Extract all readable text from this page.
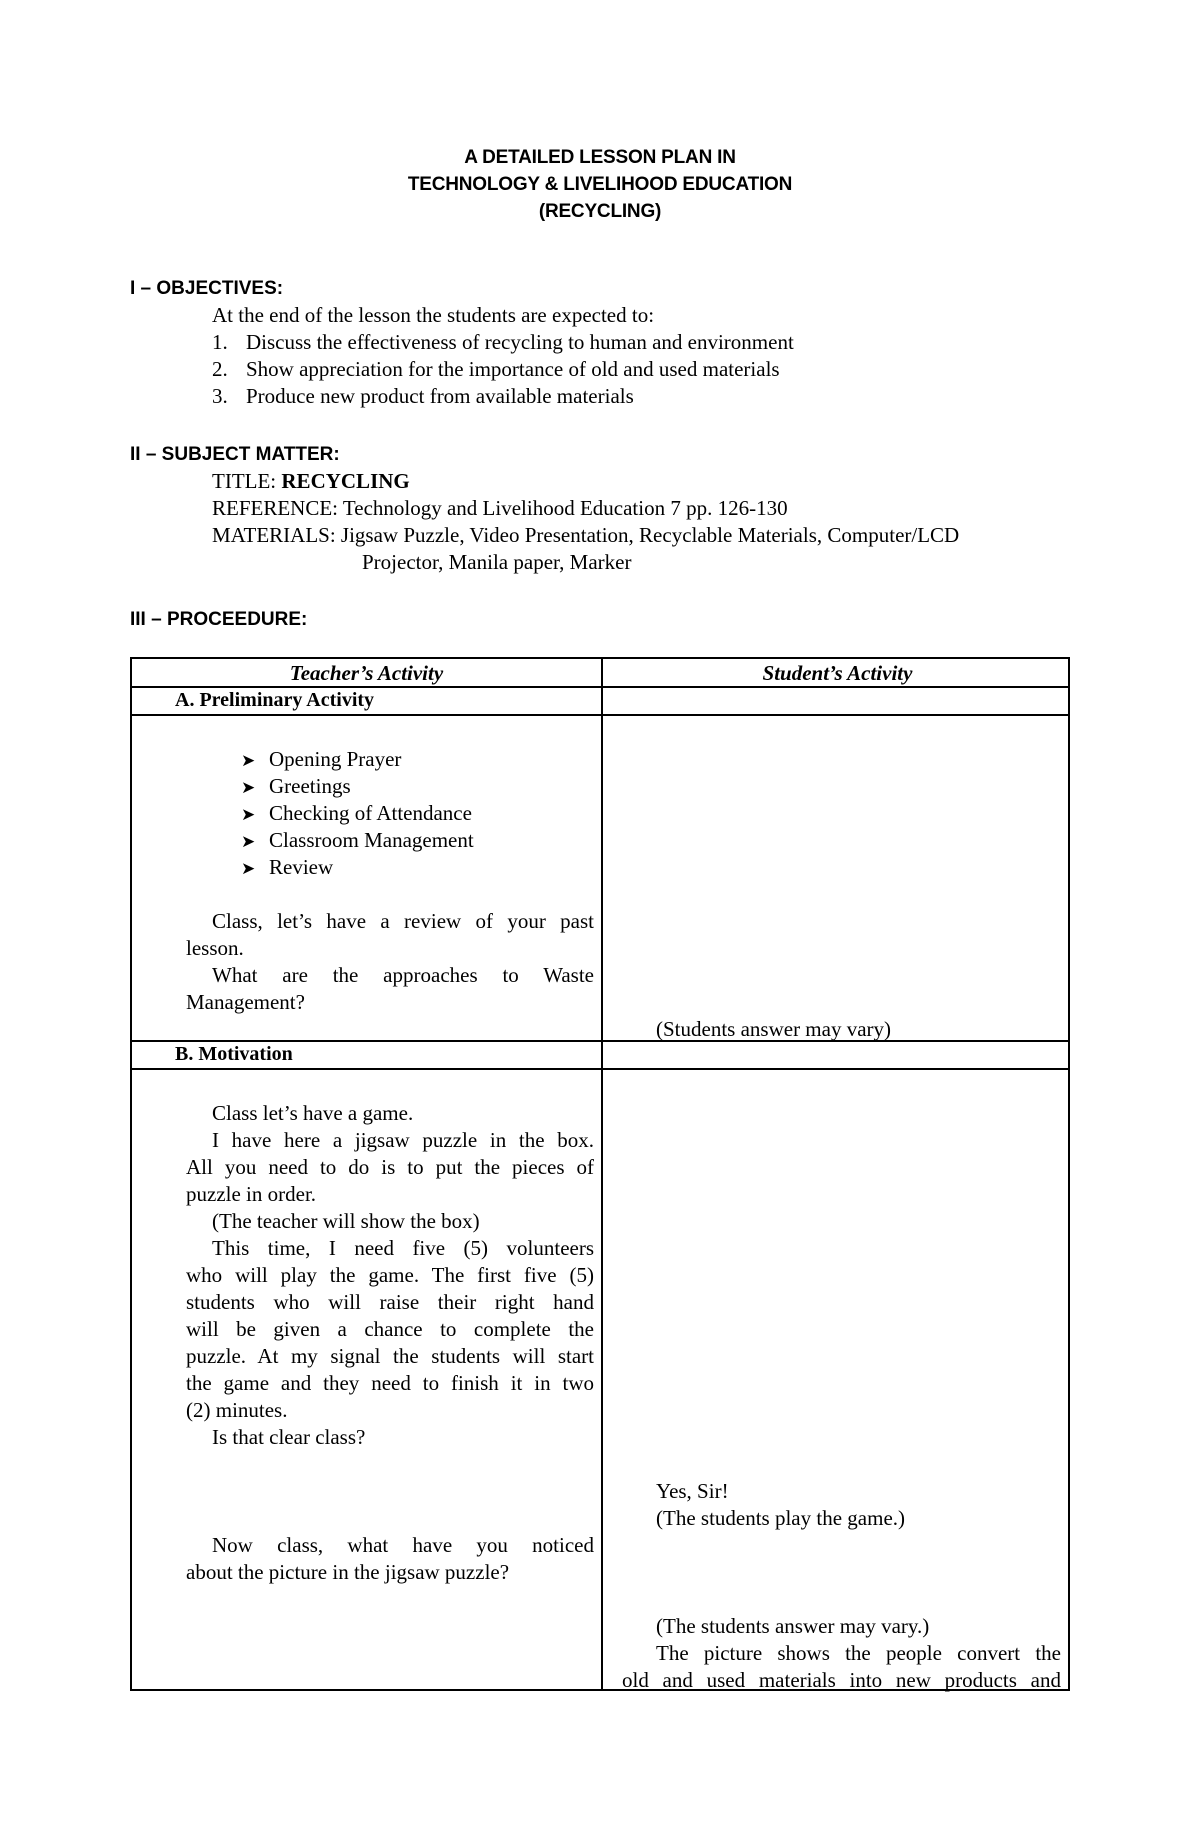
A DETAILED LESSON PLAN IN
TECHNOLOGY & LIVELIHOOD EDUCATION
(RECYCLING)
I – OBJECTIVES:
At the end of the lesson the students are expected to:
1. Discuss the effectiveness of recycling to human and environment
2. Show appreciation for the importance of old and used materials
3. Produce new product from available materials
II – SUBJECT MATTER:
TITLE: RECYCLING
REFERENCE: Technology and Livelihood Education 7 pp. 126-130
MATERIALS: Jigsaw Puzzle, Video Presentation, Recyclable Materials, Computer/LCD
Projector, Manila paper, Marker
III – PROCEEDURE:
Teacher’s Activity	Student’s Activity
A. Preliminary Activity
➤ Opening Prayer
➤ Greetings
➤ Checking of Attendance
➤ Classroom Management
➤ Review
Class, let’s have a review of your past
lesson.
What are the approaches to Waste
Management?
(Students answer may vary)
B. Motivation
Class let’s have a game.
I have here a jigsaw puzzle in the box.
All you need to do is to put the pieces of
puzzle in order.
(The teacher will show the box)
This time, I need five (5) volunteers
who will play the game. The first five (5)
students who will raise their right hand
will be given a chance to complete the
puzzle. At my signal the students will start
the game and they need to finish it in two
(2) minutes.
Is that clear class?
Yes, Sir!
(The students play the game.)
Now class, what have you noticed
about the picture in the jigsaw puzzle?
(The students answer may vary.)
The picture shows the people convert the
old and used materials into new products and
